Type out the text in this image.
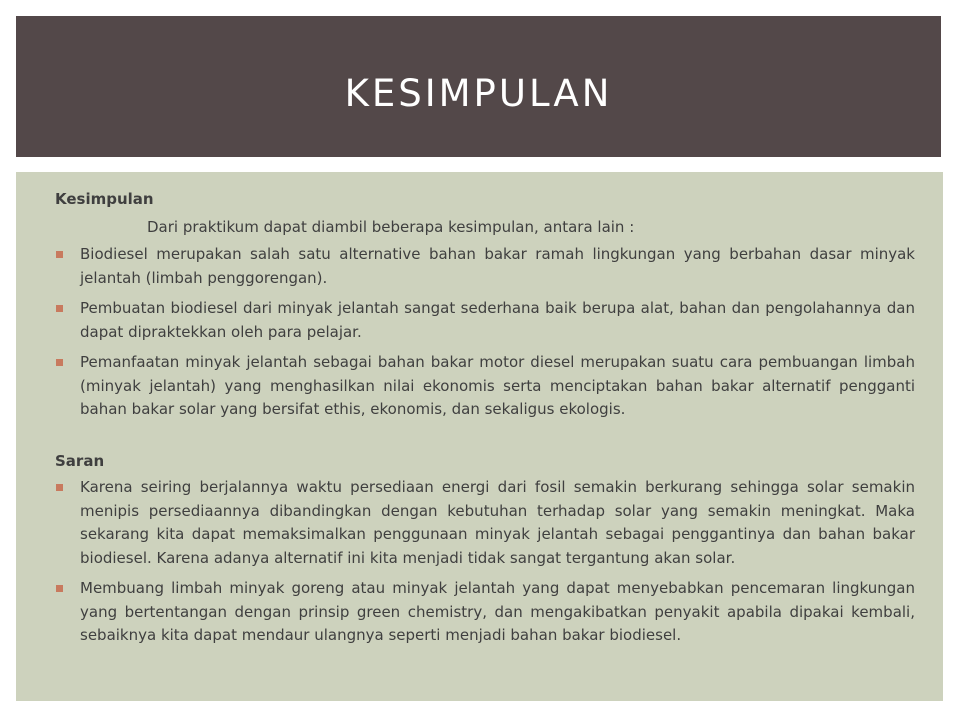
KESIMPULAN

Kesimpulan

Dari praktikum dapat diambil beberapa kesimpulan, antara lain :

Biodiesel merupakan salah satu alternative bahan bakar ramah lingkungan yang berbahan dasar minyak jelantah (limbah penggorengan).
Pembuatan biodiesel dari minyak jelantah sangat sederhana baik berupa alat, bahan dan pengolahannya dan dapat dipraktekkan oleh para pelajar.
Pemanfaatan minyak jelantah sebagai bahan bakar motor diesel merupakan suatu cara pembuangan limbah (minyak jelantah) yang menghasilkan nilai ekonomis serta menciptakan bahan bakar alternatif pengganti bahan bakar solar yang bersifat ethis, ekonomis, dan sekaligus ekologis.

Saran

Karena seiring berjalannya waktu persediaan energi dari fosil semakin berkurang sehingga solar semakin menipis persediaannya dibandingkan dengan kebutuhan terhadap solar yang semakin meningkat. Maka sekarang kita dapat memaksimalkan penggunaan minyak jelantah sebagai penggantinya dan bahan bakar biodiesel. Karena adanya alternatif ini kita menjadi tidak sangat tergantung akan solar.
Membuang limbah minyak goreng atau minyak jelantah yang dapat menyebabkan pencemaran lingkungan yang bertentangan dengan prinsip green chemistry, dan mengakibatkan penyakit apabila dipakai kembali, sebaiknya kita dapat mendaur ulangnya seperti menjadi bahan bakar biodiesel.
